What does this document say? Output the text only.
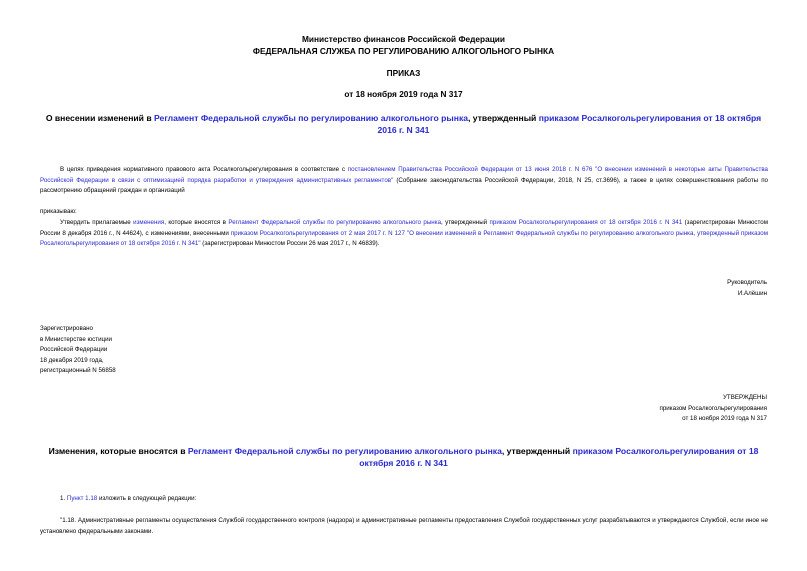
Министерство финансов Российской Федерации
ФЕДЕРАЛЬНАЯ СЛУЖБА ПО РЕГУЛИРОВАНИЮ АЛКОГОЛЬНОГО РЫНКА
ПРИКАЗ
от 18 ноября 2019 года N 317
О внесении изменений в Регламент Федеральной службы по регулированию алкогольного рынка, утвержденный приказом Росалкогольрегулирования от 18 октября 2016 г. N 341
В целях приведения нормативного правового акта Росалкогольрегулирования в соответствие с постановлением Правительства Российской Федерации от 13 июня 2018 г. N 676 "О внесении изменений в некоторые акты Правительства Российской Федерации в связи с оптимизацией порядка разработки и утверждения административных регламентов" (Собрание законодательства Российской Федерации, 2018, N 25, ст.3696), а также в целях совершенствования работы по рассмотрению обращений граждан и организаций
приказываю:
Утвердить прилагаемые изменения, которые вносятся в Регламент Федеральной службы по регулированию алкогольного рынка, утвержденный приказом Росалкогольрегулирования от 18 октября 2016 г. N 341 (зарегистрирован Минюстом России 8 декабря 2016 г., N 44624), с изменениями, внесенными приказом Росалкогольрегулирования от 2 мая 2017 г. N 127 "О внесении изменений в Регламент Федеральной службы по регулированию алкогольного рынка, утвержденный приказом Росалкогольрегулирования от 18 октября 2016 г. N 341" (зарегистрирован Минюстом России 26 мая 2017 г., N 46839).
Руководитель
И.Алёшин
Зарегистрировано
в Министерстве юстиции
Российской Федерации
18 декабря 2019 года,
регистрационный N 56858
УТВЕРЖДЕНЫ
приказом Росалкогольрегулирования
от 18 ноября 2019 года N 317
Изменения, которые вносятся в Регламент Федеральной службы по регулированию алкогольного рынка, утвержденный приказом Росалкогольрегулирования от 18 октября 2016 г. N 341
1. Пункт 1.18 изложить в следующей редакции:
"1.18. Административные регламенты осуществления Службой государственного контроля (надзора) и административные регламенты предоставления Службой государственных услуг разрабатываются и утверждаются Службой, если иное не установлено федеральными законами.
